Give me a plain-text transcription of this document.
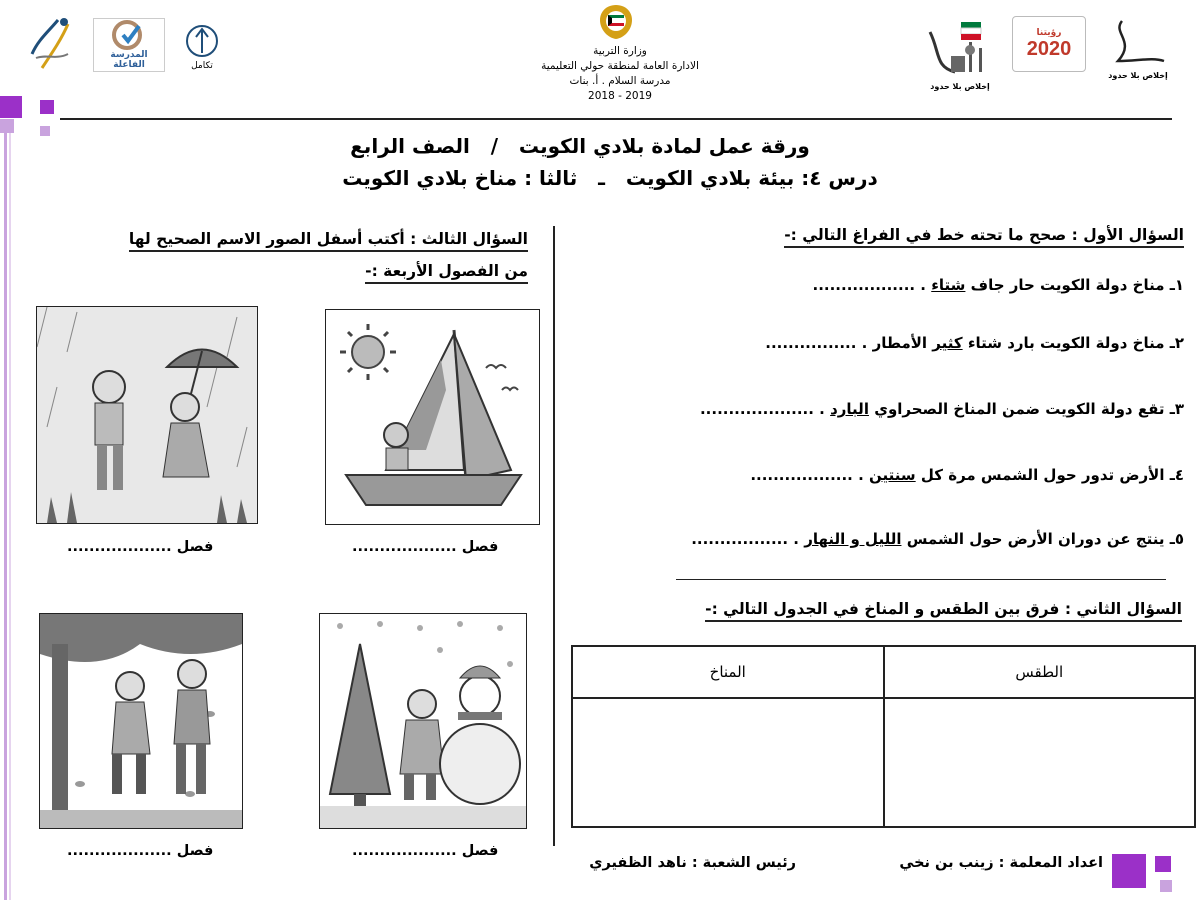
المدرسة الفاعلة	تكامل
وزارة التربية
الادارة العامة لمنطقة حولي التعليمية
مدرسة السلام . أ. بنات
2018 - 2019
إخلاص بلا حدود
رؤيتنا
2020
إخلاص بلا حدود
ورقة عمل لمادة بلادي الكويت   /   الصف الرابع
درس ٤: بيئة بلادي الكويت   ـ   ثالثا : مناخ بلادي الكويت
السؤال الأول : صحح ما تحته خط في الفراغ التالي :-
١ـ مناخ دولة الكويت حار جاف شتاء . ..................
٢ـ مناخ دولة الكويت بارد شتاء كثير الأمطار . ................
٣ـ تقع دولة الكويت ضمن المناخ الصحراوي البارد . ....................
٤ـ الأرض تدور حول الشمس مرة كل سنتين . ..................
٥ـ ينتج عن دوران الأرض حول الشمس الليل و النهار . .................
السؤال الثاني : فرق بين الطقس و المناخ في الجدول التالي :-
المناخ	الطقس

السؤال الثالث : أكتب أسفل الصور الاسم الصحيح لها
من الفصول الأربعة :-
فصل ...................
فصل ...................
فصل ...................
فصل ...................
اعداد المعلمة : زينب بن نخي
رئيس الشعبة : ناهد الظفيري
